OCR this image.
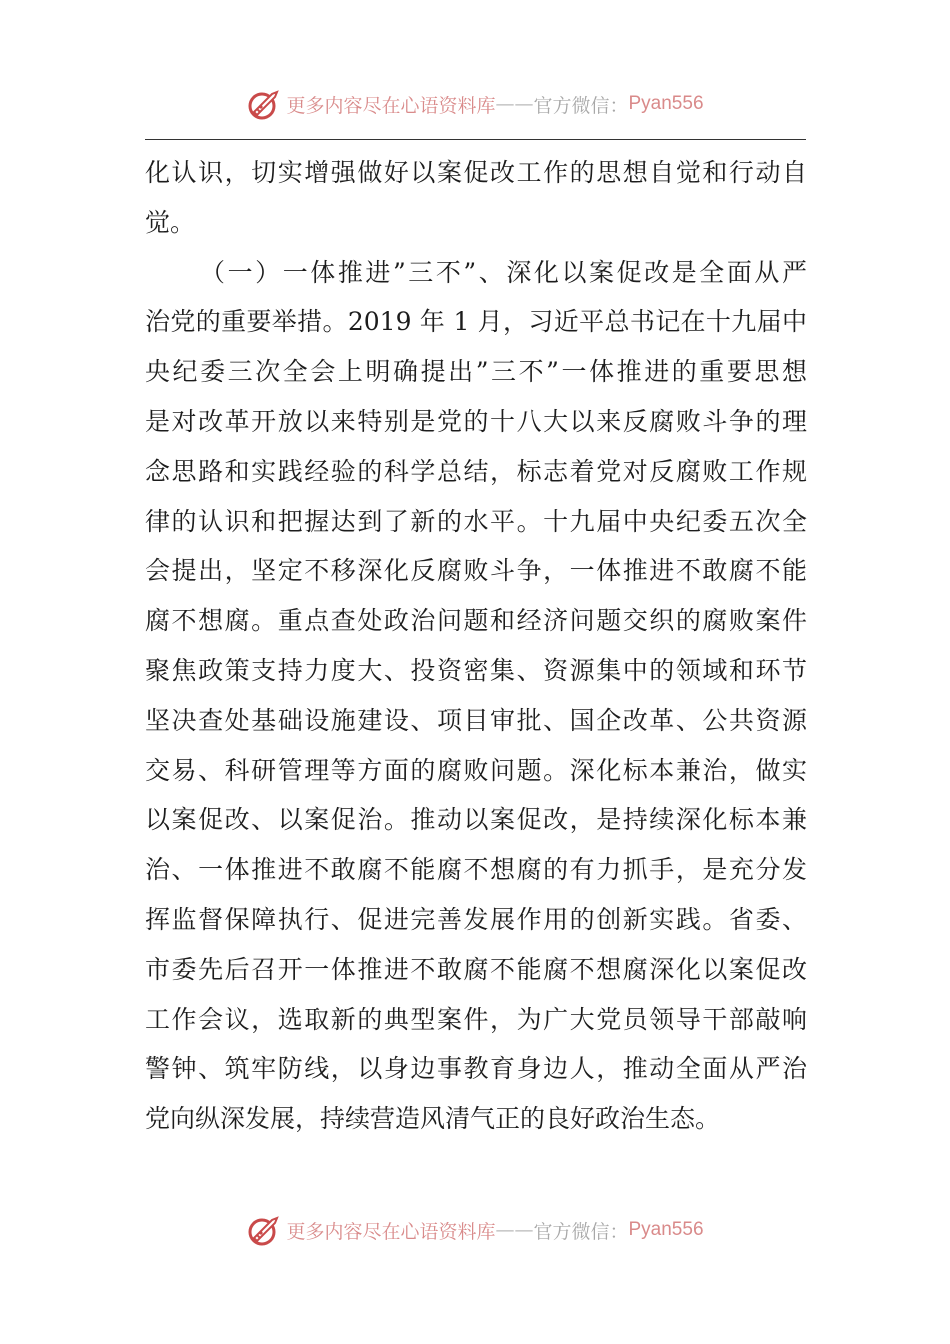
更多内容尽在心语资料库 —— 官方微信： Pyan556
化认识，切实增强做好以案促改工作的思想自觉和行动自
觉。
（一）一体推进”三不”、深化以案促改是全面从严
治党的重要举措。2019 年 1 月，习近平总书记在十九届中
央纪委三次全会上明确提出”三不”一体推进的重要思想
是对改革开放以来特别是党的十八大以来反腐败斗争的理
念思路和实践经验的科学总结，标志着党对反腐败工作规
律的认识和把握达到了新的水平。十九届中央纪委五次全
会提出，坚定不移深化反腐败斗争，一体推进不敢腐不能
腐不想腐。重点查处政治问题和经济问题交织的腐败案件
聚焦政策支持力度大、投资密集、资源集中的领域和环节
坚决查处基础设施建设、项目审批、国企改革、公共资源
交易、科研管理等方面的腐败问题。深化标本兼治，做实
以案促改、以案促治。推动以案促改，是持续深化标本兼
治、一体推进不敢腐不能腐不想腐的有力抓手，是充分发
挥监督保障执行、促进完善发展作用的创新实践。省委、
市委先后召开一体推进不敢腐不能腐不想腐深化以案促改
工作会议，选取新的典型案件，为广大党员领导干部敲响
警钟、筑牢防线，以身边事教育身边人，推动全面从严治
党向纵深发展，持续营造风清气正的良好政治生态。
更多内容尽在心语资料库 —— 官方微信： Pyan556
